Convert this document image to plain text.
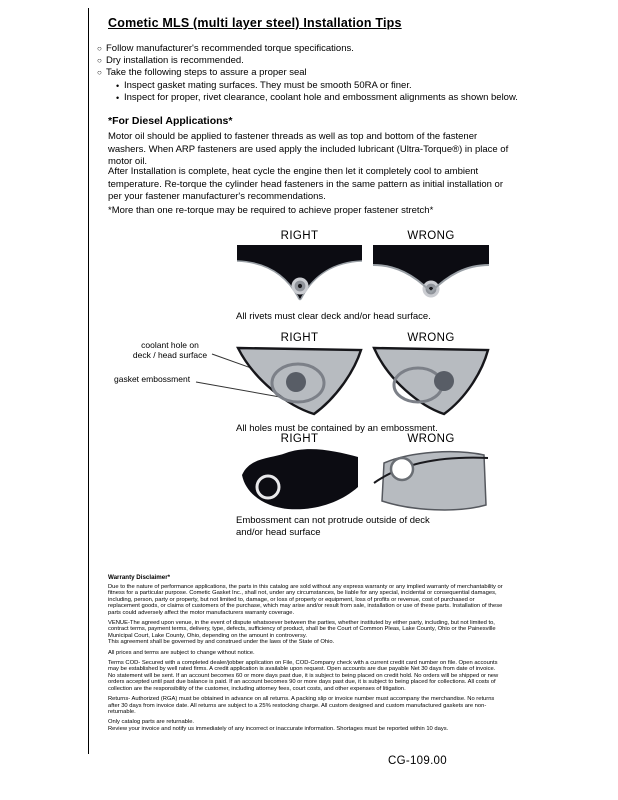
Cometic MLS (multi layer steel) Installation Tips
○ Follow manufacturer's recommended torque specifications.
○ Dry installation is recommended.
○ Take the following steps to assure a proper seal
• Inspect gasket mating surfaces. They must be smooth 50RA or finer.
• Inspect for proper, rivet clearance, coolant hole and embossment alignments as shown below.
*For Diesel Applications*

Motor oil should be applied to fastener threads as well as top and bottom of the fastener washers. When ARP fasteners are used apply the included lubricant (Ultra-Torque®) in place of motor oil.

After Installation is complete, heat cycle the engine then let it completely cool to ambient temperature. Re-torque the cylinder head fasteners in the same pattern as initial installation or per your fastener manufacturer's recommendations.

*More than one re-torque may be required to achieve proper fastener stretch*

RIGHT	WRONG
All rivets must clear deck and/or head surface.
RIGHT	WRONG
coolant hole on
deck / head surface
gasket embossment
All holes must be contained by an embossment.
RIGHT	WRONG
Embossment can not protrude outside of deck
and/or head surface
Warranty Disclaimer*

Due to the nature of performance applications, the parts in this catalog are sold without any express warranty or any implied warranty of merchantability or fitness for a particular purpose. Cometic Gasket Inc., shall not, under any circumstances, be liable for any special, incidental or consequential damages, including, person, party or property, but not limited to, damage, or loss of property or equipment, loss of profits or revenue, cost of purchased or replacement goods, or claims of customers of the purchase, which may arise and/or result from sale, installation or use of these parts. Installation of these parts could adversely affect the motor manufacturers warranty coverage.

VENUE-The agreed upon venue, in the event of dispute whatsoever between the parties, whether instituted by either party, including, but not limited to, contract terms, payment terms, delivery, type, defects, sufficiency of product, shall be the Court of Common Pleas, Lake County, Ohio or the Painesville Municipal Court, Lake County, Ohio, depending on the amount in controversy.
This agreement shall be governed by and construed under the laws of the State of Ohio.

All prices and terms are subject to change without notice.

Terms COD- Secured with a completed dealer/jobber application on File, COD-Company check with a current credit card number on file. Open accounts may be established by well rated firms. A credit application is available upon request. Open accounts are due payable Net 30 days from date of invoice. No statement will be sent. If an account becomes 60 or more days past due, it is subject to being placed on credit hold. No orders will be shipped or new orders accepted until past due balance is paid. If an account becomes 90 or more days past due, it is subject to being placed for collections. All costs of collection are the responsibility of the customer, including attorney fees, court costs, and other expenses of litigation.

Returns- Authorized (RGA) must be obtained in advance on all returns. A packing slip or invoice number must accompany the merchandise. No returns after 30 days from invoice date. All returns are subject to a 25% restocking charge. All custom designed and custom manufactured gaskets are non-returnable.

Only catalog parts are returnable.
Review your invoice and notify us immediately of any incorrect or inaccurate information. Shortages must be reported within 10 days.

CG-109.00
